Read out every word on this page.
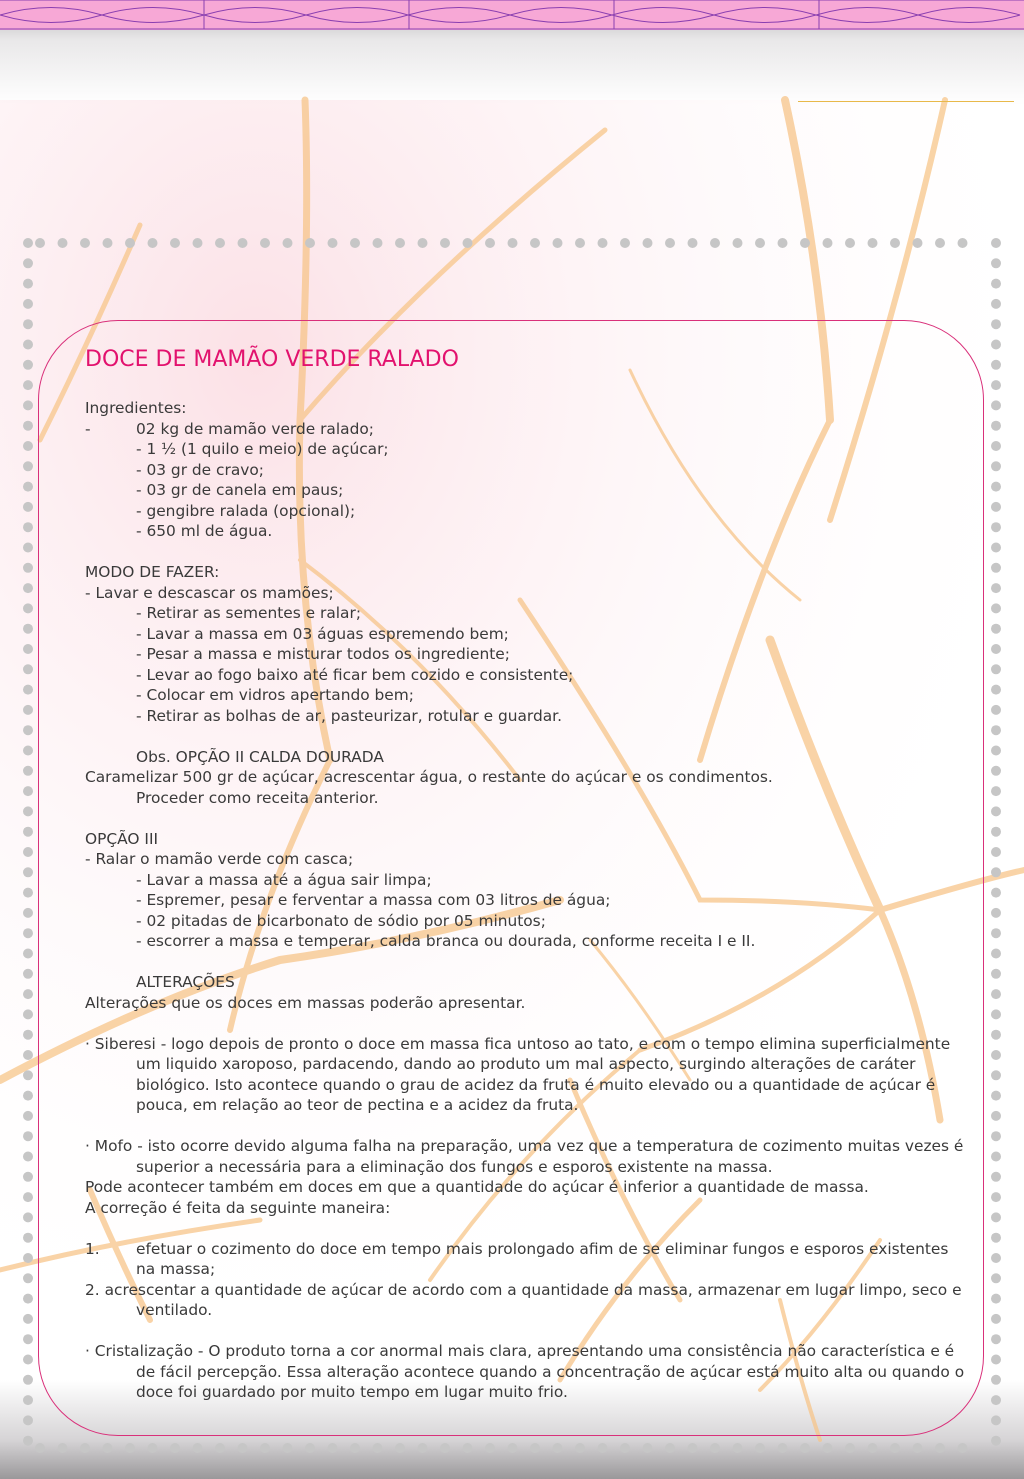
DOCE DE MAMÃO VERDE RALADO
Ingredientes:
-	02 kg de mamão verde ralado;
- 1 ½ (1 quilo e meio) de açúcar;
- 03 gr de cravo;
- 03 gr de canela em paus;
- gengibre ralada (opcional);
- 650 ml de água.
MODO DE FAZER:
- Lavar e descascar os mamões;
- Retirar as sementes e ralar;
- Lavar a massa em 03 águas espremendo bem;
- Pesar a massa e misturar todos os ingrediente;
- Levar ao fogo baixo até ficar bem cozido e consistente;
- Colocar em vidros apertando bem;
- Retirar as bolhas de ar, pasteurizar, rotular e guardar.
Obs. OPÇÃO II CALDA DOURADA
Caramelizar 500 gr de açúcar, acrescentar água, o restante do açúcar e os condimentos.
Proceder como receita anterior.
OPÇÃO III
- Ralar o mamão verde com casca;
- Lavar a massa até a água sair limpa;
- Espremer, pesar e ferventar a massa com 03 litros de água;
- 02 pitadas de bicarbonato de sódio por 05 minutos;
- escorrer a massa e temperar, calda branca ou dourada, conforme receita I e II.
ALTERAÇÕES
Alterações que os doces em massas poderão apresentar.
· Siberesi - logo depois de pronto o doce em massa fica untoso ao tato, e com o tempo elimina superficialmente um liquido xaroposo, pardacendo, dando ao produto um mal aspecto, surgindo alterações de caráter biológico. Isto acontece quando o grau de acidez da fruta é muito elevado ou a quantidade de açúcar é pouca, em relação ao teor de pectina e a acidez da fruta.
· Mofo - isto ocorre devido alguma falha na preparação, uma vez que a temperatura de cozimento muitas vezes é superior a necessária para a eliminação dos fungos e esporos existente na massa.
Pode acontecer também em doces em que a quantidade do açúcar é inferior a quantidade de massa.
A correção é feita da seguinte maneira:
1. efetuar o cozimento do doce em tempo mais prolongado afim de se eliminar fungos e esporos existentes na massa;
2. acrescentar a quantidade de açúcar de acordo com a quantidade da massa, armazenar em lugar limpo, seco e ventilado.
· Cristalização - O produto torna a cor anormal mais clara, apresentando uma consistência não característica e é de fácil percepção. Essa alteração acontece quando a concentração de açúcar está muito alta ou quando o doce foi guardado por muito tempo em lugar muito frio.
